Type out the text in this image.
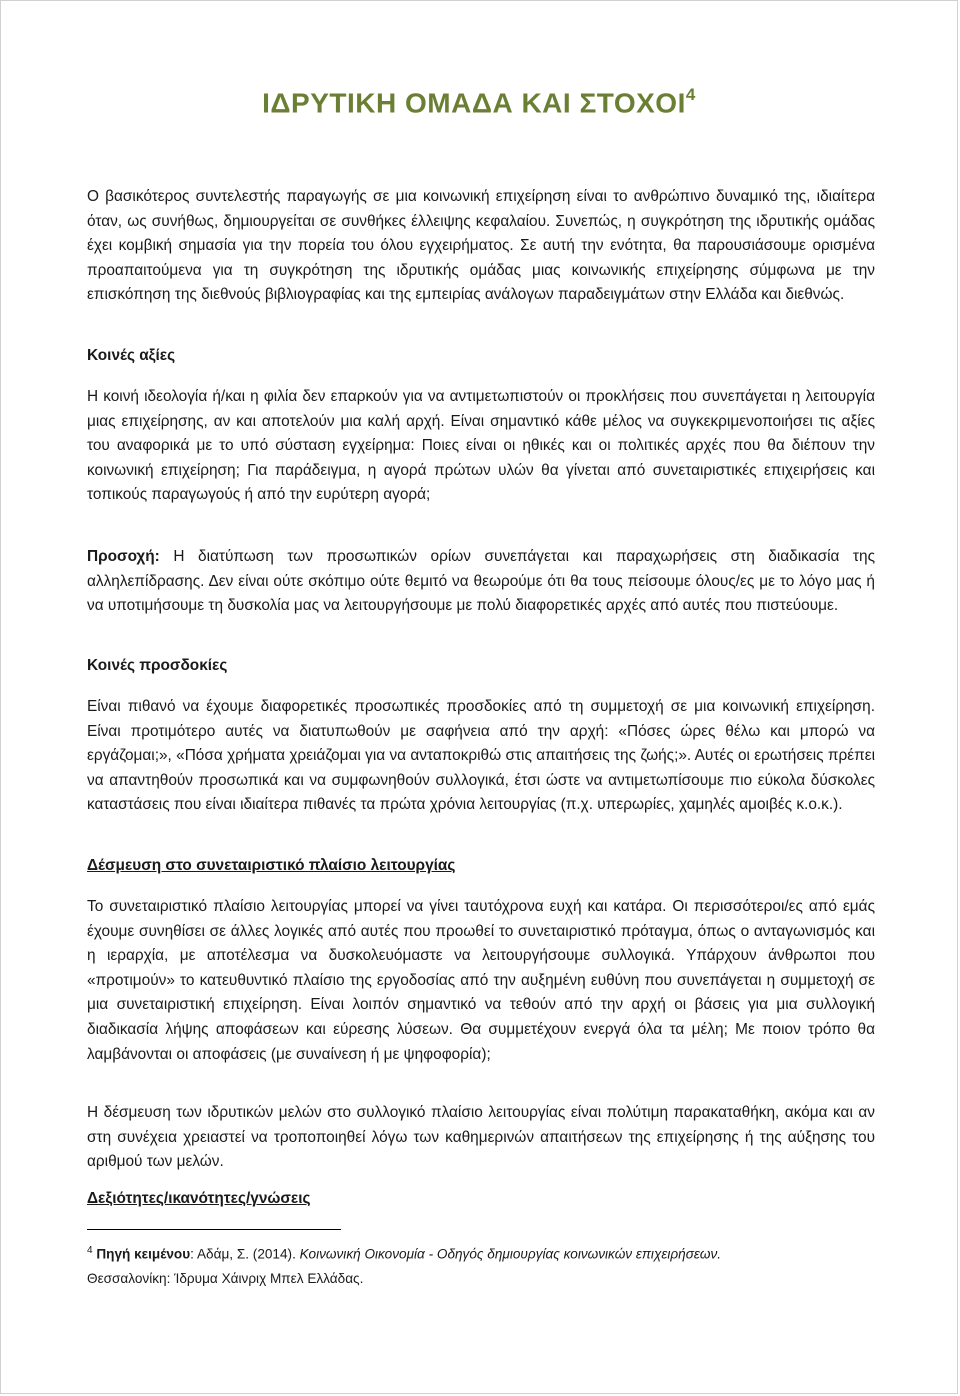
ΙΔΡΥΤΙΚΗ ΟΜΑΔΑ ΚΑΙ ΣΤΟΧΟΙ$^4$

Ο βασικότερος συντελεστής παραγωγής σε μια κοινωνική επιχείρηση είναι το ανθρώπινο δυναμικό της, ιδιαίτερα όταν, ως συνήθως, δημιουργείται σε συνθήκες έλλειψης κεφαλαίου. Συνεπώς, η συγκρότηση της ιδρυτικής ομάδας έχει κομβική σημασία για την πορεία του όλου εγχειρήματος. Σε αυτή την ενότητα, θα παρουσιάσουμε ορισμένα προαπαιτούμενα για τη συγκρότηση της ιδρυτικής ομάδας μιας κοινωνικής επιχείρησης σύμφωνα με την επισκόπηση της διεθνούς βιβλιογραφίας και της εμπειρίας ανάλογων παραδειγμάτων στην Ελλάδα και διεθνώς.

Κοινές αξίες

Η κοινή ιδεολογία ή/και η φιλία δεν επαρκούν για να αντιμετωπιστούν οι προκλήσεις που συνεπάγεται η λειτουργία μιας επιχείρησης, αν και αποτελούν μια καλή αρχή. Είναι σημαντικό κάθε μέλος να συγκεκριμενοποιήσει τις αξίες του αναφορικά με το υπό σύσταση εγχείρημα: Ποιες είναι οι ηθικές και οι πολιτικές αρχές που θα διέπουν την κοινωνική επιχείρηση; Για παράδειγμα, η αγορά πρώτων υλών θα γίνεται από συνεταιριστικές επιχειρήσεις και τοπικούς παραγωγούς ή από την ευρύτερη αγορά;

Προσοχή: Η διατύπωση των προσωπικών ορίων συνεπάγεται και παραχωρήσεις στη διαδικασία της αλληλεπίδρασης. Δεν είναι ούτε σκόπιμο ούτε θεμιτό να θεωρούμε ότι θα τους πείσουμε όλους/ες με το λόγο μας ή να υποτιμήσουμε τη δυσκολία μας να λειτουργήσουμε με πολύ διαφορετικές αρχές από αυτές που πιστεύουμε.

Κοινές προσδοκίες

Είναι πιθανό να έχουμε διαφορετικές προσωπικές προσδοκίες από τη συμμετοχή σε μια κοινωνική επιχείρηση. Είναι προτιμότερο αυτές να διατυπωθούν με σαφήνεια από την αρχή: «Πόσες ώρες θέλω και μπορώ να εργάζομαι;», «Πόσα χρήματα χρειάζομαι για να ανταποκριθώ στις απαιτήσεις της ζωής;». Αυτές οι ερωτήσεις πρέπει να απαντηθούν προσωπικά και να συμφωνηθούν συλλογικά, έτσι ώστε να αντιμετωπίσουμε πιο εύκολα δύσκολες καταστάσεις που είναι ιδιαίτερα πιθανές τα πρώτα χρόνια λειτουργίας (π.χ. υπερωρίες, χαμηλές αμοιβές κ.ο.κ.).

Δέσμευση στο συνεταιριστικό πλαίσιο λειτουργίας

Το συνεταιριστικό πλαίσιο λειτουργίας μπορεί να γίνει ταυτόχρονα ευχή και κατάρα. Οι περισσότεροι/ες από εμάς έχουμε συνηθίσει σε άλλες λογικές από αυτές που προωθεί το συνεταιριστικό πρόταγμα, όπως ο ανταγωνισμός και η ιεραρχία, με αποτέλεσμα να δυσκολευόμαστε να λειτουργήσουμε συλλογικά. Υπάρχουν άνθρωποι που «προτιμούν» το κατευθυντικό πλαίσιο της εργοδοσίας από την αυξημένη ευθύνη που συνεπάγεται η συμμετοχή σε μια συνεταιριστική επιχείρηση. Είναι λοιπόν σημαντικό να τεθούν από την αρχή οι βάσεις για μια συλλογική διαδικασία λήψης αποφάσεων και εύρεσης λύσεων. Θα συμμετέχουν ενεργά όλα τα μέλη; Με ποιον τρόπο θα λαμβάνονται οι αποφάσεις (με συναίνεση ή με ψηφοφορία);

Η δέσμευση των ιδρυτικών μελών στο συλλογικό πλαίσιο λειτουργίας είναι πολύτιμη παρακαταθήκη, ακόμα και αν στη συνέχεια χρειαστεί να τροποποιηθεί λόγω των καθημερινών απαιτήσεων της επιχείρησης ή της αύξησης του αριθμού των μελών.

Δεξιότητες/ικανότητες/γνώσεις
$^4$ Πηγή κειμένου: Αδάμ, Σ. (2014). Κοινωνική Οικονομία - Οδηγός δημιουργίας κοινωνικών επιχειρήσεων.
Θεσσαλονίκη: Ίδρυμα Χάινριχ Μπελ Ελλάδας.
